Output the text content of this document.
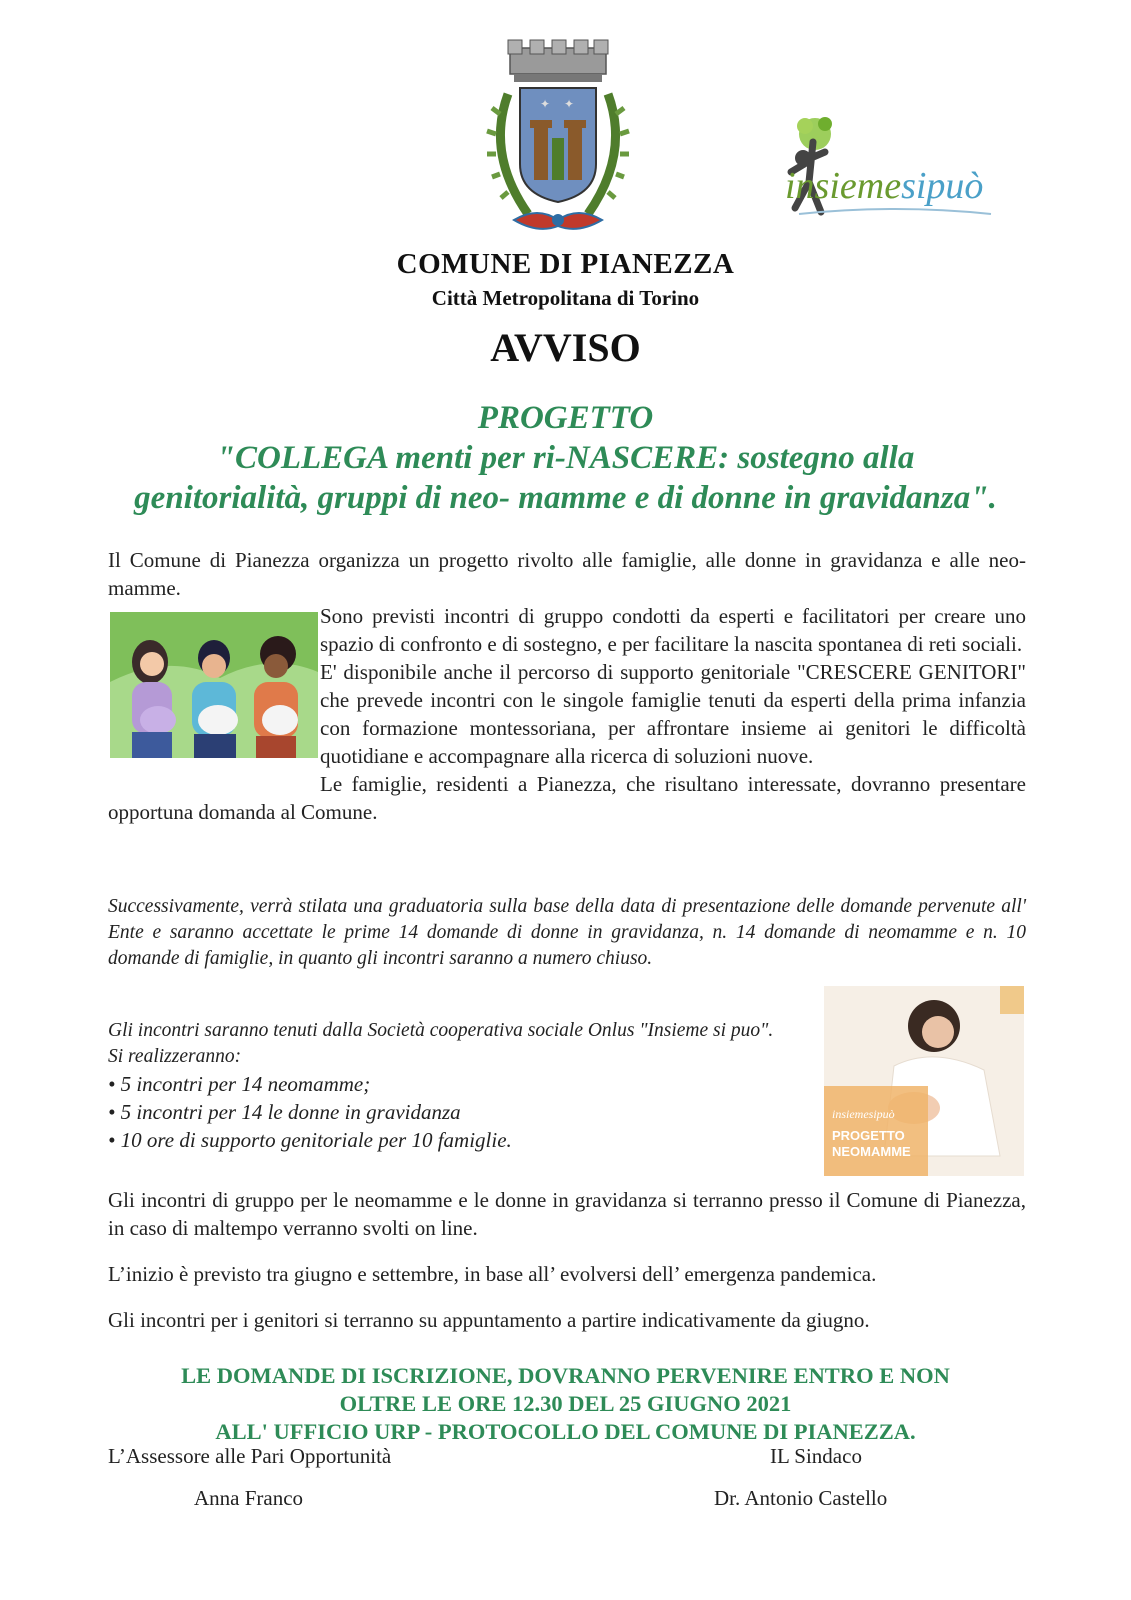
✦ ✦
insiemesipuò
COMUNE DI PIANEZZA
Città Metropolitana di Torino
AVVISO
PROGETTO
"COLLEGA menti per ri-NASCERE: sostegno alla
genitorialità, gruppi di neo- mamme e di donne in gravidanza".

Il Comune di Pianezza organizza un progetto rivolto alle famiglie, alle donne in gravidanza e alle neo-mamme.

Sono previsti incontri di gruppo condotti da esperti e facilitatori per creare uno spazio di confronto e di sostegno, e per facilitare la nascita spontanea di reti sociali.
E' disponibile anche il percorso di supporto genitoriale "CRESCERE GENITORI" che prevede incontri con le singole famiglie tenuti da esperti della prima infanzia con formazione montessoriana, per affrontare insieme ai genitori le difficoltà quotidiane e accompagnare alla ricerca di soluzioni nuove.
Le famiglie, residenti a Pianezza, che risultano interessate, dovranno presentare opportuna domanda al Comune.

Successivamente, verrà stilata una graduatoria sulla base della data di presentazione delle domande pervenute all' Ente e saranno accettate le prime 14 domande di donne in gravidanza, n. 14 domande di neomamme e n. 10 domande di famiglie, in quanto gli incontri saranno a numero chiuso.

Gli incontri saranno tenuti dalla Società cooperativa sociale Onlus "Insieme si puo".

Si realizzeranno:

• 5 incontri per 14 neomamme;

• 5 incontri per 14 le donne in gravidanza

• 10 ore di supporto genitoriale per 10 famiglie.

insiemesipuò
PROGETTO
NEOMAMME

Gli incontri di gruppo per le neomamme e le donne in gravidanza si terranno presso il Comune di Pianezza, in caso di maltempo verranno svolti on line.

L’inizio è previsto tra giugno e settembre, in base all’ evolversi dell’ emergenza pandemica.

Gli incontri per i genitori si terranno su appuntamento a partire indicativamente da giugno.

LE DOMANDE DI ISCRIZIONE, DOVRANNO PERVENIRE ENTRO E NON
OLTRE LE ORE 12.30 DEL 25 GIUGNO 2021
ALL' UFFICIO URP - PROTOCOLLO DEL COMUNE DI PIANEZZA.
L’Assessore alle Pari Opportunità
Anna Franco
IL Sindaco
Dr. Antonio Castello
